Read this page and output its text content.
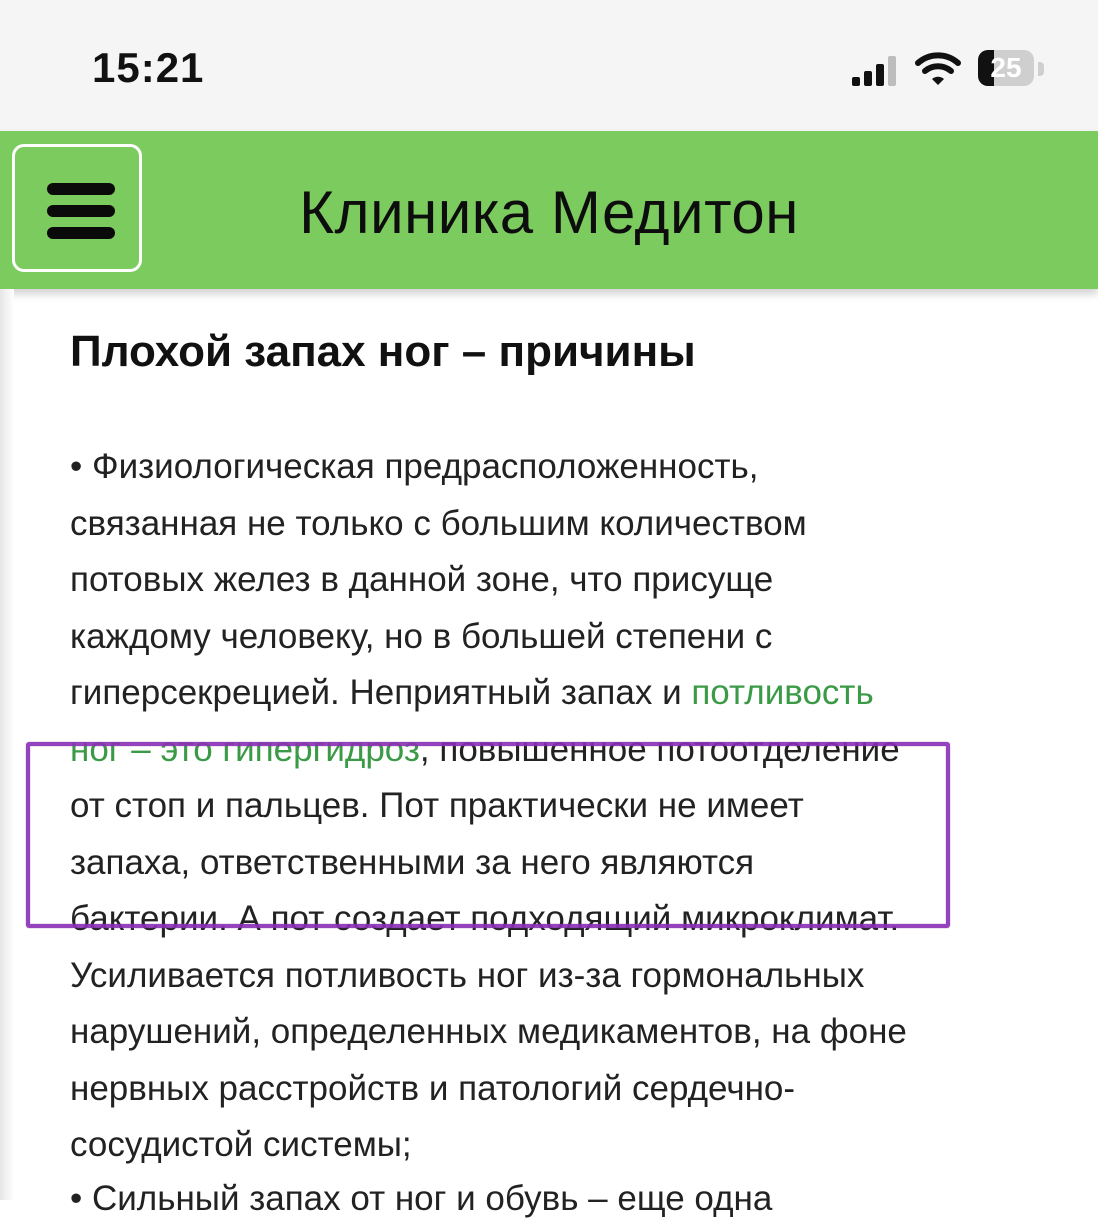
15:21	25
Клиника Медитон
Плохой запах ног – причины
• Физиологическая предрасположенность,
связанная не только с большим количеством
потовых желез в данной зоне, что присуще
каждому человеку, но в большей степени с
гиперсекрецией. Неприятный запах и потливость
ног – это гипергидроз, повышенное потоотделение
от стоп и пальцев. Пот практически не имеет
запаха, ответственными за него являются
бактерии. А пот создает подходящий микроклимат.
Усиливается потливость ног из-за гормональных
нарушений, определенных медикаментов, на фоне
нервных расстройств и патологий сердечно-
сосудистой системы;
• Сильный запах от ног и обувь – еще одна
